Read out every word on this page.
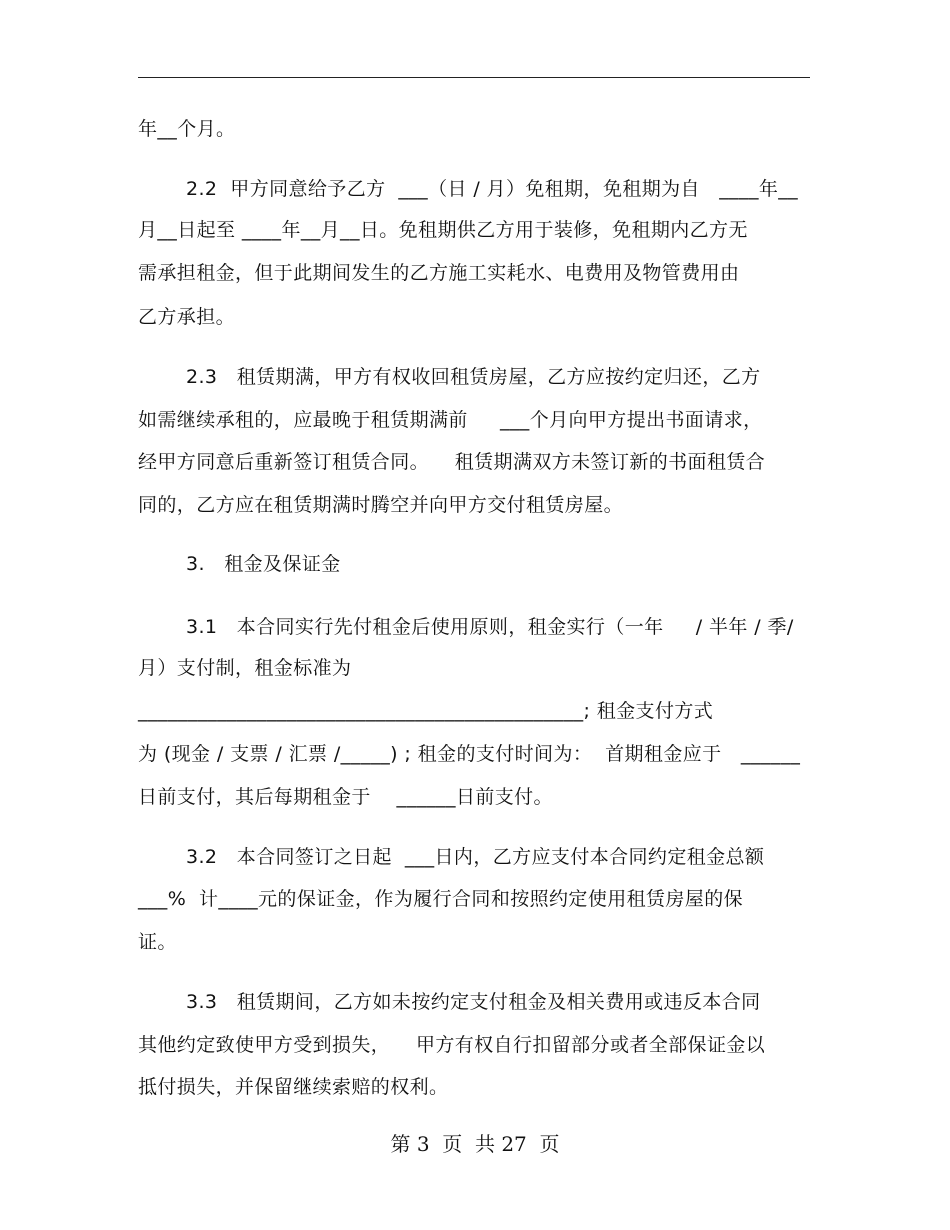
年__个月。
2.2  甲方同意给予乙方  ___（日 / 月）免租期，免租期为自   ____年__
月__日起至 ____年__月__日。免租期供乙方用于装修，免租期内乙方无
需承担租金，但于此期间发生的乙方施工实耗水、电费用及物管费用由
乙方承担。
2.3   租赁期满，甲方有权收回租赁房屋，乙方应按约定归还，乙方
如需继续承租的，应最晚于租赁期满前     ___个月向甲方提出书面请求，
经甲方同意后重新签订租赁合同。    租赁期满双方未签订新的书面租赁合
同的，乙方应在租赁期满时腾空并向甲方交付租赁房屋。
3.   租金及保证金
3.1   本合同实行先付租金后使用原则，租金实行（一年     / 半年 / 季/
月）支付制，租金标准为
_____________________________________________; 租金支付方式
为 (现金 / 支票 / 汇票 /_____) ; 租金的支付时间为：  首期租金应于   ______
日前支付，其后每期租金于    ______日前支付。
3.2   本合同签订之日起  ___日内，乙方应支付本合同约定租金总额
___%  计____元的保证金，作为履行合同和按照约定使用租赁房屋的保
证。
3.3   租赁期间，乙方如未按约定支付租金及相关费用或违反本合同
其他约定致使甲方受到损失，    甲方有权自行扣留部分或者全部保证金以
抵付损失，并保留继续索赔的权利。
第 3  页  共 27  页
